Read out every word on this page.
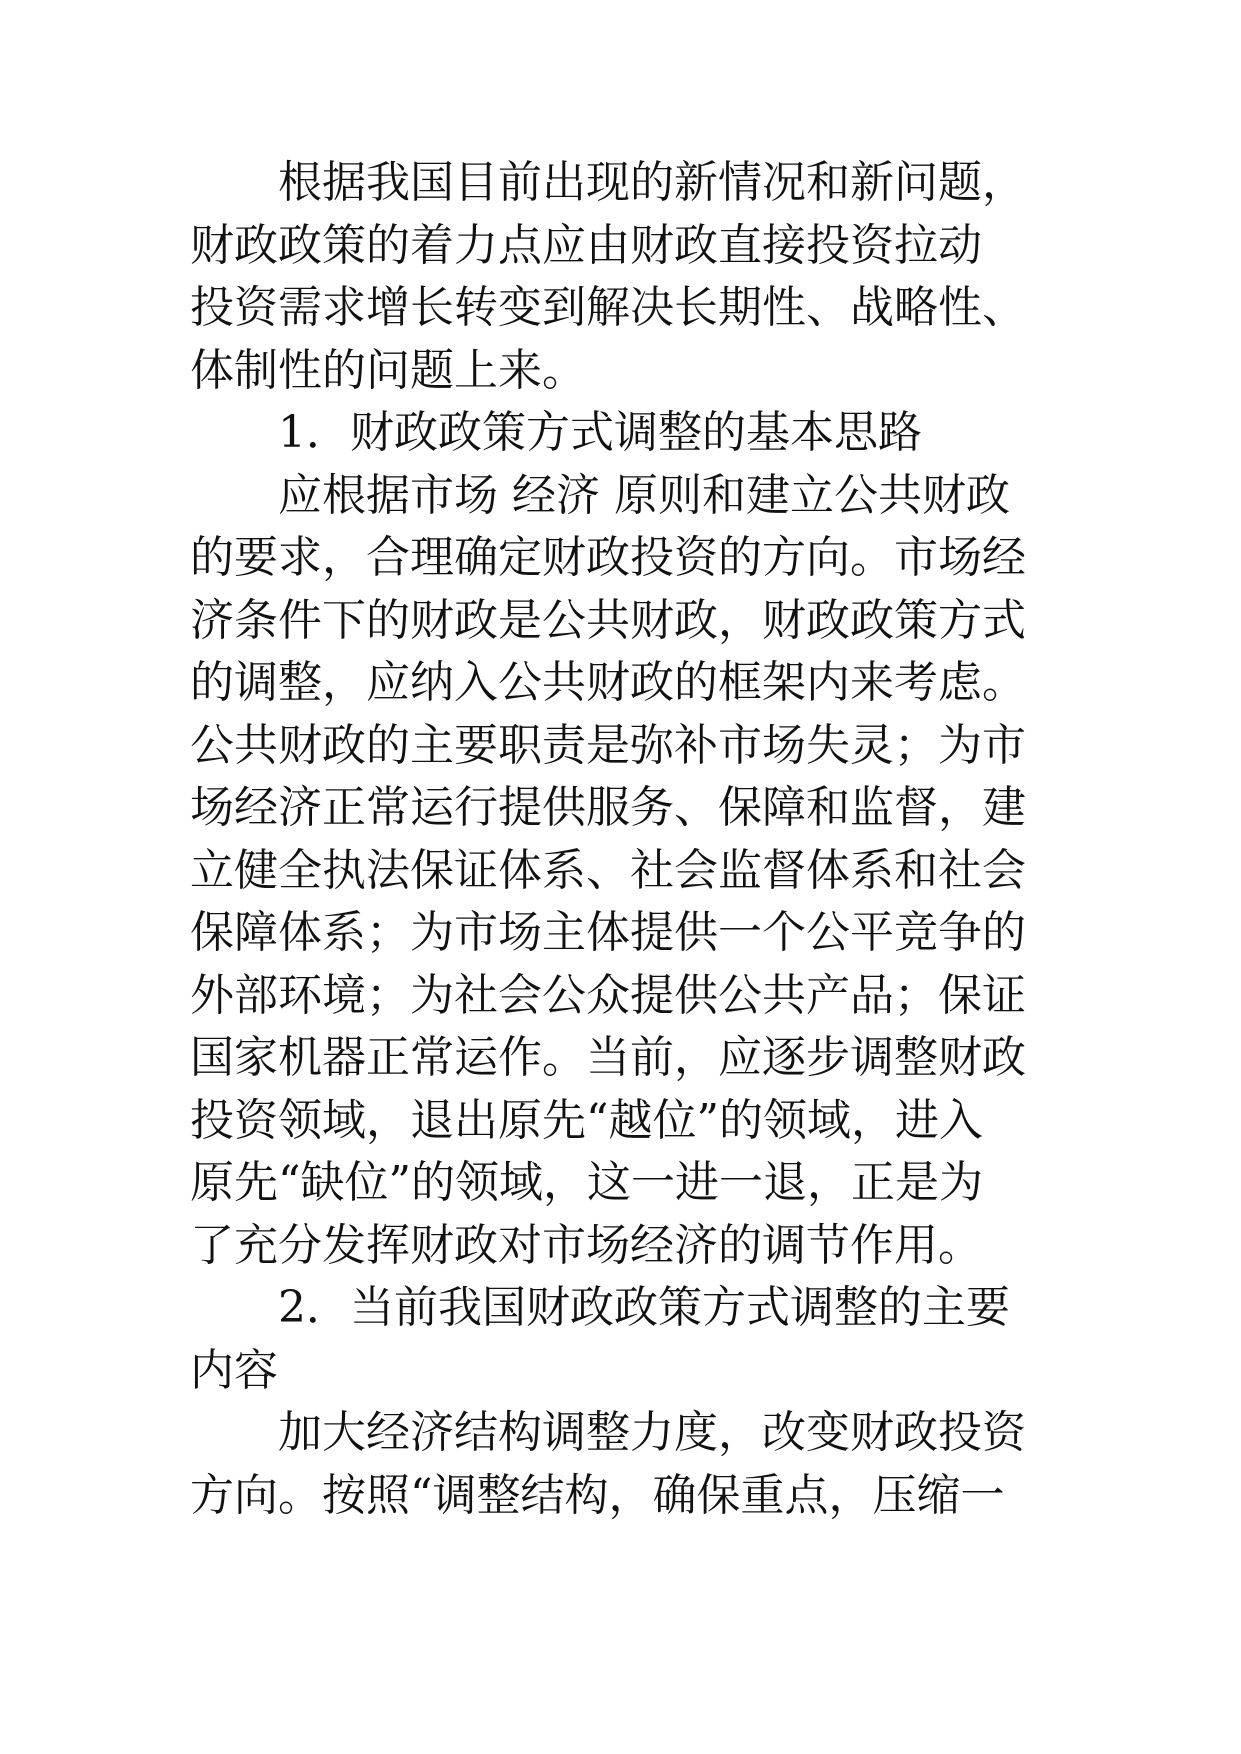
根据我国目前出现的新情况和新问题，
财政政策的着力点应由财政直接投资拉动
投资需求增长转变到解决长期性、战略性、
体制性的问题上来。
1．财政政策方式调整的基本思路
应根据市场 经济 原则和建立公共财政
的要求，合理确定财政投资的方向。市场经
济条件下的财政是公共财政，财政政策方式
的调整，应纳入公共财政的框架内来考虑。
公共财政的主要职责是弥补市场失灵；为市
场经济正常运行提供服务、保障和监督，建
立健全执法保证体系、社会监督体系和社会
保障体系；为市场主体提供一个公平竞争的
外部环境；为社会公众提供公共产品；保证
国家机器正常运作。当前，应逐步调整财政
投资领域，退出原先“越位”的领域，进入
原先“缺位”的领域，这一进一退，正是为
了充分发挥财政对市场经济的调节作用。
2．当前我国财政政策方式调整的主要
内容
加大经济结构调整力度，改变财政投资
方向。按照“调整结构，确保重点，压缩一
